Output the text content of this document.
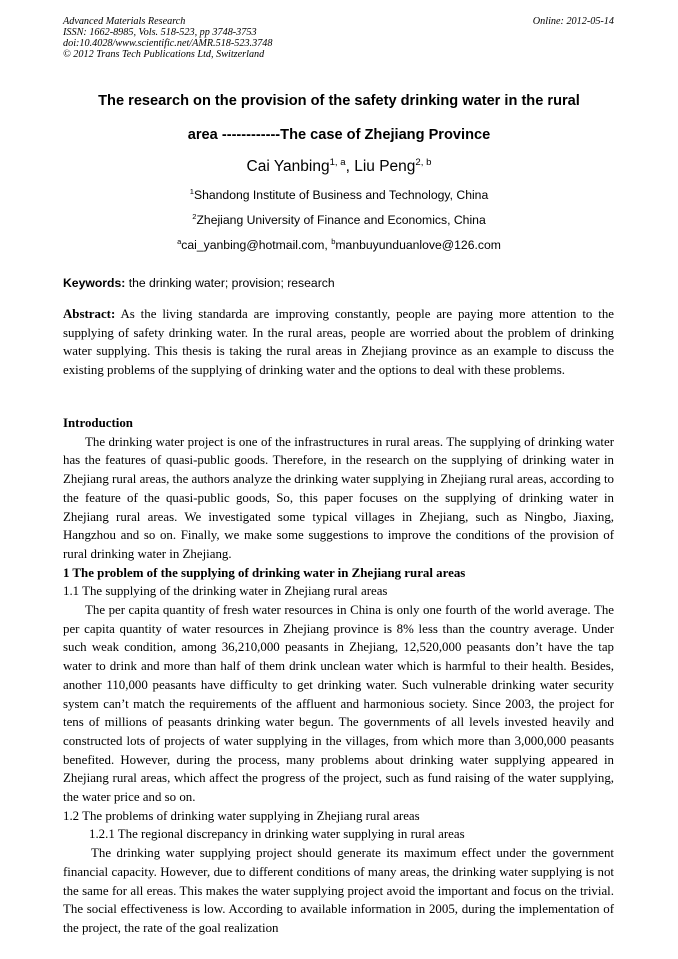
Advanced Materials Research
ISSN: 1662-8985, Vols. 518-523, pp 3748-3753
doi:10.4028/www.scientific.net/AMR.518-523.3748
© 2012 Trans Tech Publications Ltd, Switzerland
Online: 2012-05-14
The research on the provision of the safety drinking water in the rural
area ------------The case of Zhejiang Province
Cai Yanbing$^{1, a}$, Liu Peng$^{2, b}$
$^1$Shandong Institute of Business and Technology, China
$^2$Zhejiang University of Finance and Economics, China
$^a$cai_yanbing@hotmail.com, $^b$manbuyunduanlove@126.com
Keywords: the drinking water; provision; research

Abstract: As the living standarda are improving constantly, people are paying more attention to the supplying of safety drinking water. In the rural areas, people are worried about the problem of drinking water supplying. This thesis is taking the rural areas in Zhejiang province as an example to discuss the existing problems of the supplying of drinking water and the options to deal with these problems.

Introduction

The drinking water project is one of the infrastructures in rural areas. The supplying of drinking water has the features of quasi-public goods. Therefore, in the research on the supplying of drinking water in Zhejiang rural areas, the authors analyze the drinking water supplying in Zhejiang rural areas, according to the feature of the quasi-public goods, So, this paper focuses on the supplying of drinking water in Zhejiang rural areas. We investigated some typical villages in Zhejiang, such as Ningbo, Jiaxing, Hangzhou and so on. Finally, we make some suggestions to improve the conditions of the provision of rural drinking water in Zhejiang.

1 The problem of the supplying of drinking water in Zhejiang rural areas

1.1 The supplying of the drinking water in Zhejiang rural areas

The per capita quantity of fresh water resources in China is only one fourth of the world average. The per capita quantity of water resources in Zhejiang province is 8% less than the country average. Under such weak condition, among 36,210,000 peasants in Zhejiang, 12,520,000 peasants don’t have the tap water to drink and more than half of them drink unclean water which is harmful to their health. Besides, another 110,000 peasants have difficulty to get drinking water. Such vulnerable drinking water security system can’t match the requirements of the affluent and harmonious society. Since 2003, the project for tens of millions of peasants drinking water begun. The governments of all levels invested heavily and constructed lots of projects of water supplying in the villages, from which more than 3,000,000 peasants benefited. However, during the process, many problems about drinking water supplying appeared in Zhejiang rural areas, which affect the progress of the project, such as fund raising of the water supplying, the water price and so on.

1.2 The problems of drinking water supplying in Zhejiang rural areas

1.2.1 The regional discrepancy in drinking water supplying in rural areas

The drinking water supplying project should generate its maximum effect under the government financial capacity. However, due to different conditions of many areas, the drinking water supplying is not the same for all ereas. This makes the water supplying project avoid the important and focus on the trivial. The social effectiveness is low. According to available information in 2005, during the implementation of the project, the rate of the goal realization
